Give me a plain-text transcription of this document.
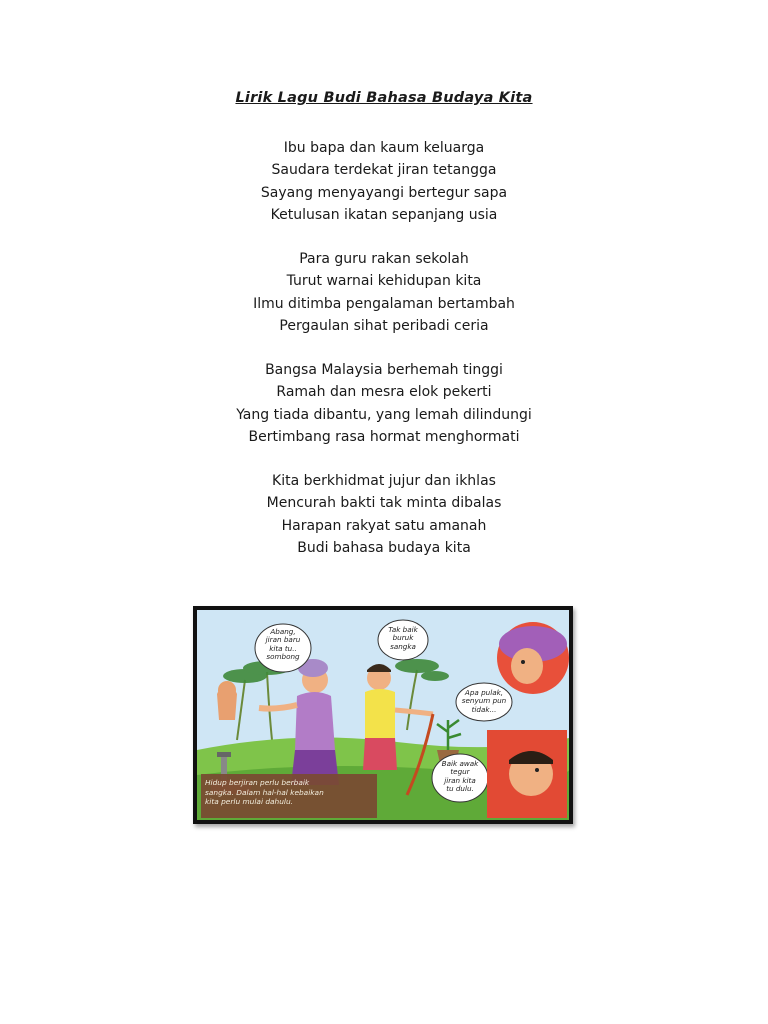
Lirik Lagu Budi Bahasa Budaya Kita
Ibu bapa dan kaum keluarga
Saudara terdekat jiran tetangga
Sayang menyayangi bertegur sapa
Ketulusan ikatan sepanjang usia
Para guru rakan sekolah
Turut warnai kehidupan kita
Ilmu ditimba pengalaman bertambah
Pergaulan sihat peribadi ceria
Bangsa Malaysia berhemah tinggi
Ramah dan mesra elok pekerti
Yang tiada dibantu, yang lemah dilindungi
Bertimbang rasa hormat menghormati
Kita berkhidmat jujur dan ikhlas
Mencurah bakti tak minta dibalas
Harapan rakyat satu amanah
Budi bahasa budaya kita
Abang,
jiran baru
kita tu..
sombong
Tak baik
buruk
sangka
Apa pulak,
senyum pun
tidak...
Baik awak
tegur
jiran kita
tu dulu.
Hidup berjiran perlu berbaik
sangka. Dalam hal-hal kebaikan
kita perlu mulai dahulu.
